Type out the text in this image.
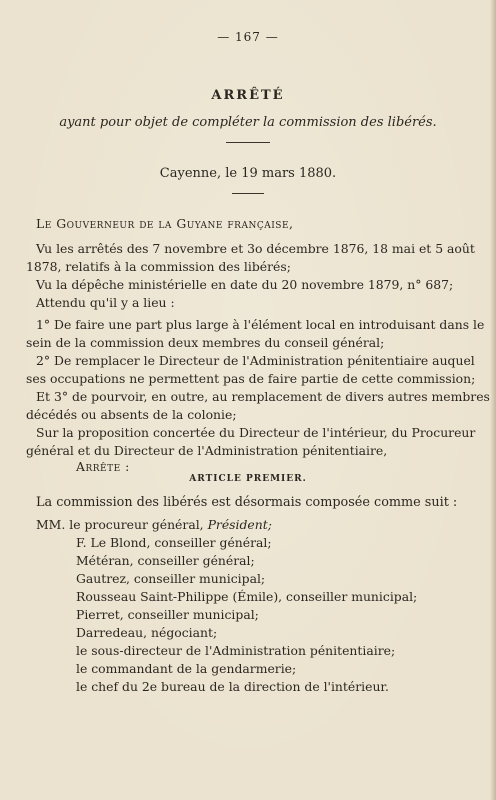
— 167 —
ARRÊTÉ
ayant pour objet de compléter la commission des libérés.
Cayenne, le 19 mars 1880.
Le Gouverneur de la Guyane française,
Vu les arrêtés des 7 novembre et 3o décembre 1876, 18 mai et 5 août
1878, relatifs à la commission des libérés;
Vu la dépêche ministérielle en date du 20 novembre 1879, n° 687;
Attendu qu'il y a lieu :
1° De faire une part plus large à l'élément local en introduisant dans le
sein de la commission deux membres du conseil général;
2° De remplacer le Directeur de l'Administration pénitentiaire auquel
ses occupations ne permettent pas de faire partie de cette commission;
Et 3° de pourvoir, en outre, au remplacement de divers autres membres
décédés ou absents de la colonie;
Sur la proposition concertée du Directeur de l'intérieur, du Procureur
général et du Directeur de l'Administration pénitentiaire,
Arrête :
ARTICLE PREMIER.
La commission des libérés est désormais composée comme suit :
MM. le procureur général, Président;
F. Le Blond, conseiller général;
Météran, conseiller général;
Gautrez, conseiller municipal;
Rousseau Saint-Philippe (Émile), conseiller municipal;
Pierret, conseiller municipal;
Darredeau, négociant;
le sous-directeur de l'Administration pénitentiaire;
le commandant de la gendarmerie;
le chef du 2e bureau de la direction de l'intérieur.
